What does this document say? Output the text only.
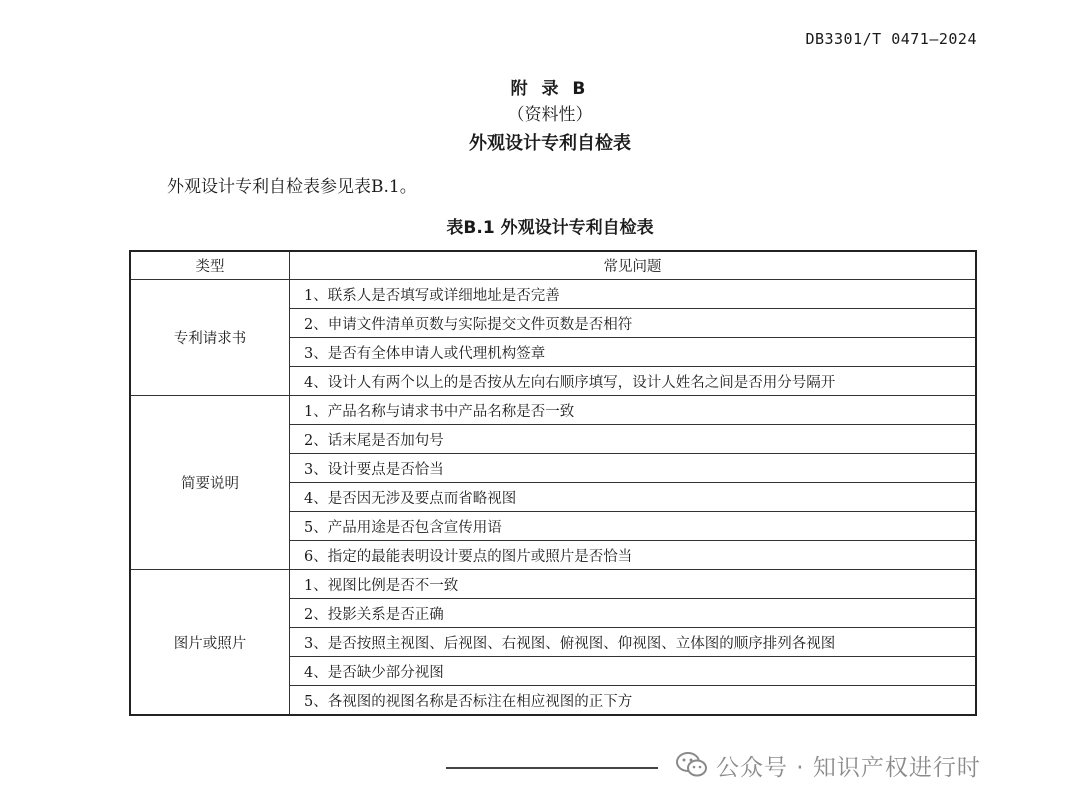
DB3301/T 0471—2024
附 录 B
（资料性）
外观设计专利自检表
外观设计专利自检表参见表B.1。
表B.1 外观设计专利自检表
类型	常见问题
专利请求书	1、联系人是否填写或详细地址是否完善
	2、申请文件清单页数与实际提交文件页数是否相符
	3、是否有全体申请人或代理机构签章
	4、设计人有两个以上的是否按从左向右顺序填写，设计人姓名之间是否用分号隔开
简要说明	1、产品名称与请求书中产品名称是否一致
	2、话末尾是否加句号
	3、设计要点是否恰当
	4、是否因无涉及要点而省略视图
	5、产品用途是否包含宣传用语
	6、指定的最能表明设计要点的图片或照片是否恰当
图片或照片	1、视图比例是否不一致
	2、投影关系是否正确
	3、是否按照主视图、后视图、右视图、俯视图、仰视图、立体图的顺序排列各视图
	4、是否缺少部分视图
	5、各视图的视图名称是否标注在相应视图的正下方
公众号 · 知识产权进行时
